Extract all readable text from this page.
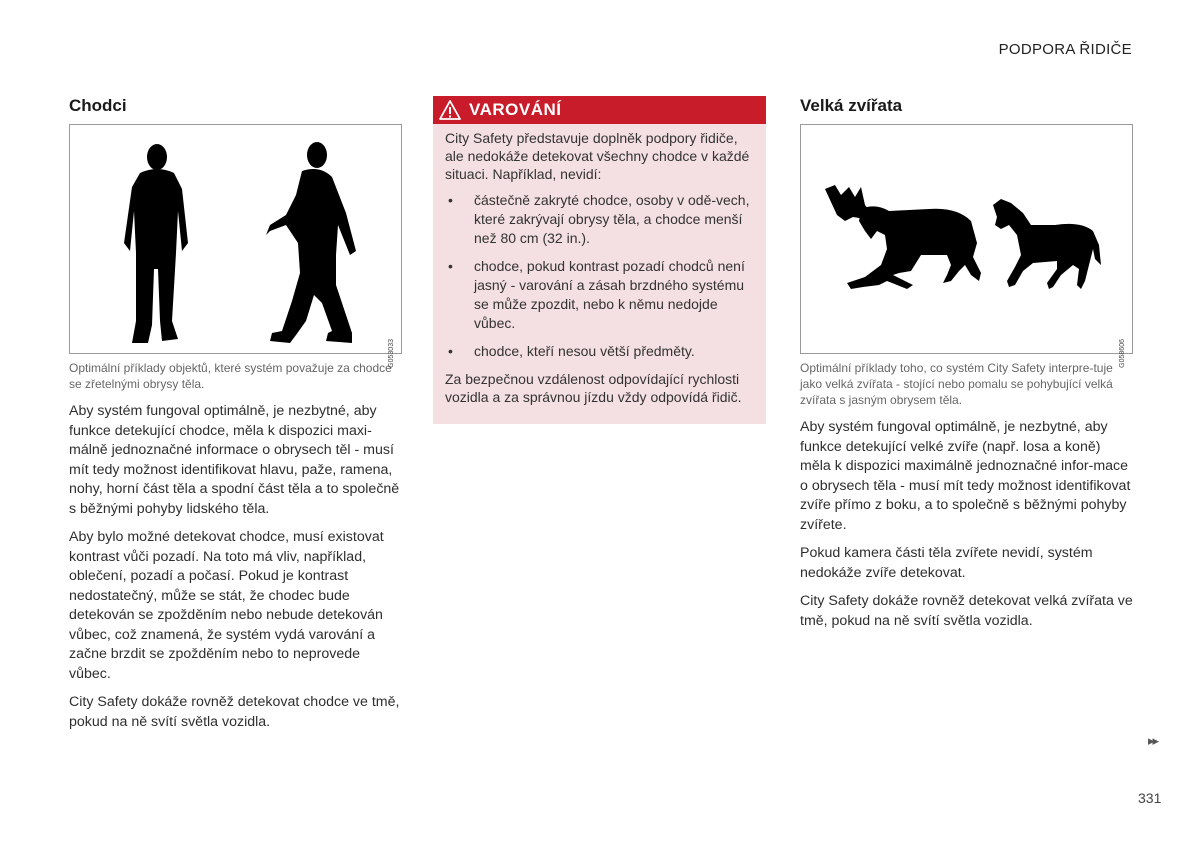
PODPORA ŘIDIČE
Chodci
G053033
Optimální příklady objektů, které systém považuje za chodce se zřetelnými obrysy těla.

Aby systém fungoval optimálně, je nezbytné, aby funkce detekující chodce, měla k dispozici maxi-málně jednoznačné informace o obrysech těl - musí mít tedy možnost identifikovat hlavu, paže, ramena, nohy, horní část těla a spodní část těla a to společně s běžnými pohyby lidského těla.

Aby bylo možné detekovat chodce, musí existovat kontrast vůči pozadí. Na toto má vliv, například, oblečení, pozadí a počasí. Pokud je kontrast nedostatečný, může se stát, že chodec bude detekován se zpožděním nebo nebude detekován vůbec, což znamená, že systém vydá varování a začne brzdit se zpožděním nebo to neprovede vůbec.

City Safety dokáže rovněž detekovat chodce ve tmě, pokud na ně svítí světla vozidla.

VAROVÁNÍ

City Safety představuje doplněk podpory řidiče, ale nedokáže detekovat všechny chodce v každé situaci. Například, nevidí:

• částečně zakryté chodce, osoby v odě-vech, které zakrývají obrysy těla, a chodce menší než 80 cm (32 in.).
• chodce, pokud kontrast pozadí chodců není jasný - varování a zásah brzdného systému se může zpozdit, nebo k němu nedojde vůbec.
• chodce, kteří nesou větší předměty.

Za bezpečnou vzdálenost odpovídající rychlosti vozidla a za správnou jízdu vždy odpovídá řidič.

Velká zvířata
G058606
Optimální příklady toho, co systém City Safety interpre-tuje jako velká zvířata - stojící nebo pomalu se pohybující velká zvířata s jasným obrysem těla.

Aby systém fungoval optimálně, je nezbytné, aby funkce detekující velké zvíře (např. losa a koně) měla k dispozici maximálně jednoznačné infor-mace o obrysech těla - musí mít tedy možnost identifikovat zvíře přímo z boku, a to společně s běžnými pohyby zvířete.

Pokud kamera části těla zvířete nevidí, systém nedokáže zvíře detekovat.

City Safety dokáže rovněž detekovat velká zvířata ve tmě, pokud na ně svítí světla vozidla.

▸▸
331
